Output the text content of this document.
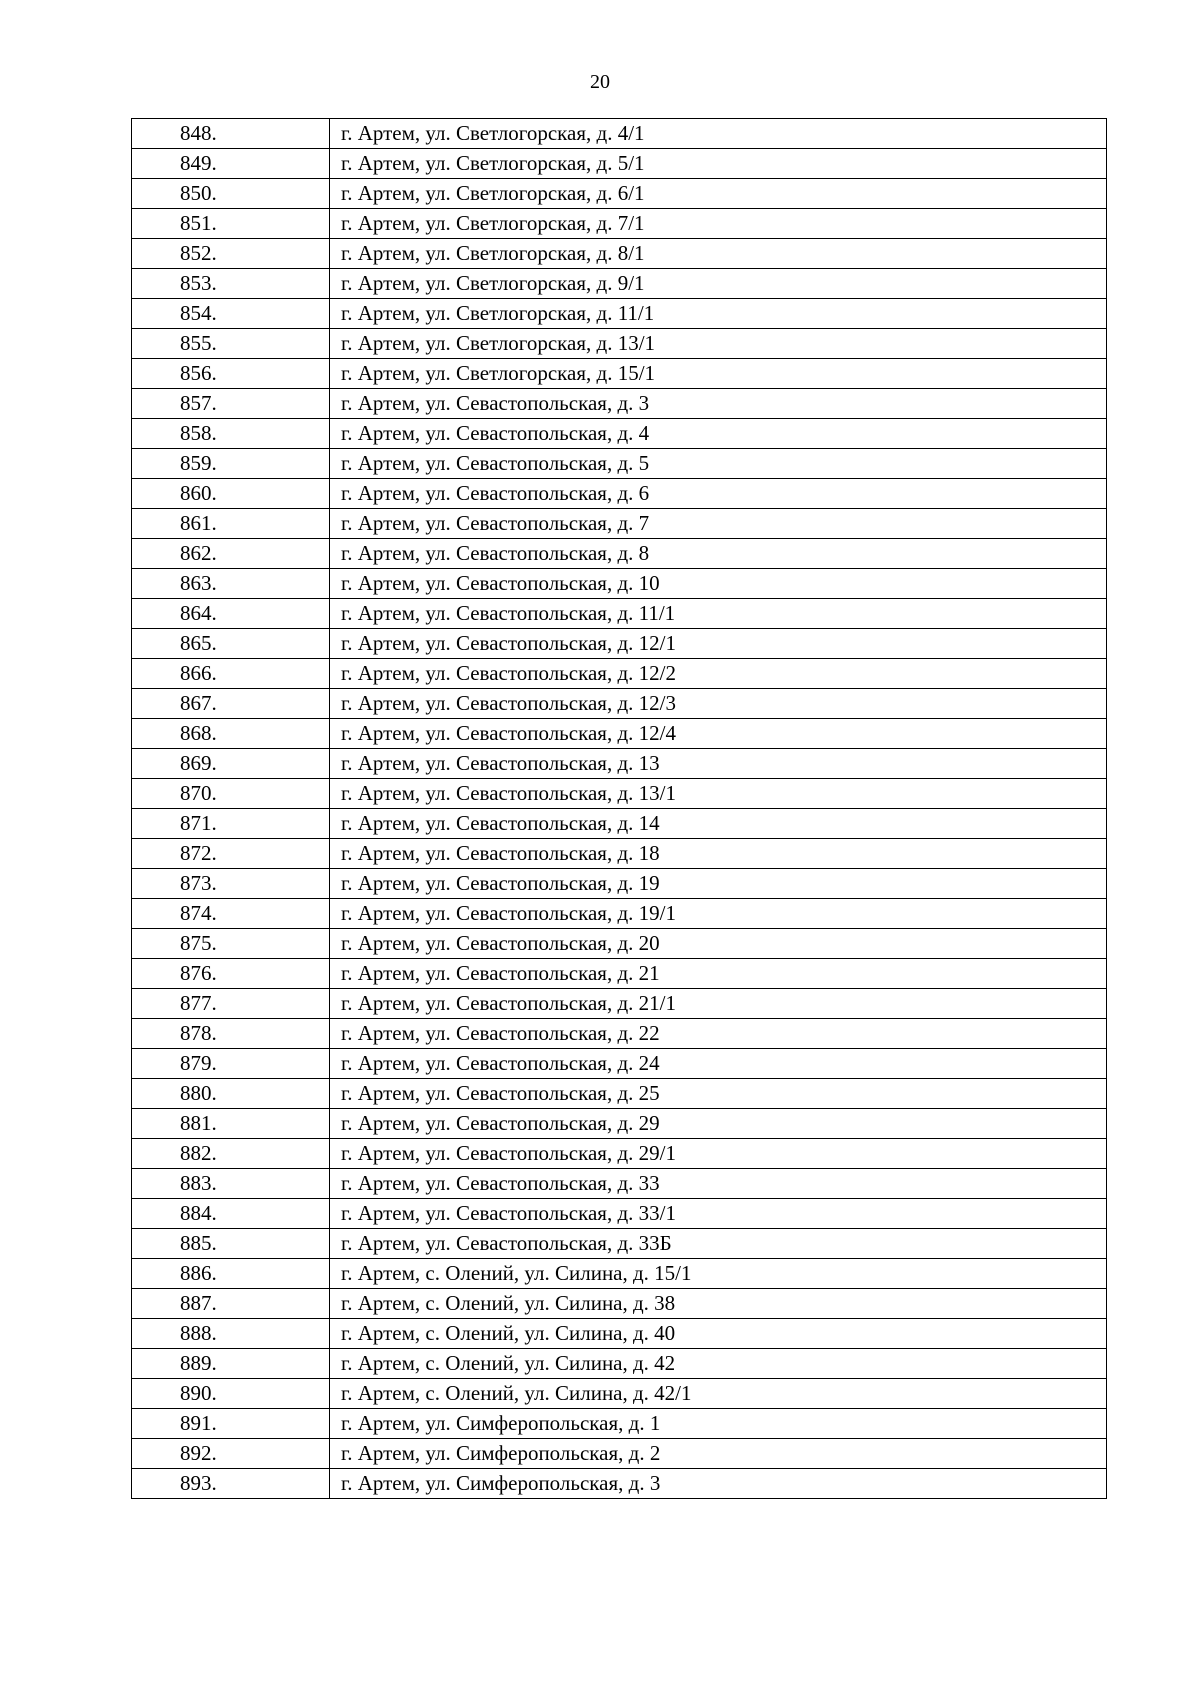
20
848.	г. Артем, ул. Светлогорская, д. 4/1
849.	г. Артем, ул. Светлогорская, д. 5/1
850.	г. Артем, ул. Светлогорская, д. 6/1
851.	г. Артем, ул. Светлогорская, д. 7/1
852.	г. Артем, ул. Светлогорская, д. 8/1
853.	г. Артем, ул. Светлогорская, д. 9/1
854.	г. Артем, ул. Светлогорская, д. 11/1
855.	г. Артем, ул. Светлогорская, д. 13/1
856.	г. Артем, ул. Светлогорская, д. 15/1
857.	г. Артем, ул. Севастопольская, д. 3
858.	г. Артем, ул. Севастопольская, д. 4
859.	г. Артем, ул. Севастопольская, д. 5
860.	г. Артем, ул. Севастопольская, д. 6
861.	г. Артем, ул. Севастопольская, д. 7
862.	г. Артем, ул. Севастопольская, д. 8
863.	г. Артем, ул. Севастопольская, д. 10
864.	г. Артем, ул. Севастопольская, д. 11/1
865.	г. Артем, ул. Севастопольская, д. 12/1
866.	г. Артем, ул. Севастопольская, д. 12/2
867.	г. Артем, ул. Севастопольская, д. 12/3
868.	г. Артем, ул. Севастопольская, д. 12/4
869.	г. Артем, ул. Севастопольская, д. 13
870.	г. Артем, ул. Севастопольская, д. 13/1
871.	г. Артем, ул. Севастопольская, д. 14
872.	г. Артем, ул. Севастопольская, д. 18
873.	г. Артем, ул. Севастопольская, д. 19
874.	г. Артем, ул. Севастопольская, д. 19/1
875.	г. Артем, ул. Севастопольская, д. 20
876.	г. Артем, ул. Севастопольская, д. 21
877.	г. Артем, ул. Севастопольская, д. 21/1
878.	г. Артем, ул. Севастопольская, д. 22
879.	г. Артем, ул. Севастопольская, д. 24
880.	г. Артем, ул. Севастопольская, д. 25
881.	г. Артем, ул. Севастопольская, д. 29
882.	г. Артем, ул. Севастопольская, д. 29/1
883.	г. Артем, ул. Севастопольская, д. 33
884.	г. Артем, ул. Севастопольская, д. 33/1
885.	г. Артем, ул. Севастопольская, д. 33Б
886.	г. Артем, с. Олений, ул. Силина, д. 15/1
887.	г. Артем, с. Олений, ул. Силина, д. 38
888.	г. Артем, с. Олений, ул. Силина, д. 40
889.	г. Артем, с. Олений, ул. Силина, д. 42
890.	г. Артем, с. Олений, ул. Силина, д. 42/1
891.	г. Артем, ул. Симферопольская, д. 1
892.	г. Артем, ул. Симферопольская, д. 2
893.	г. Артем, ул. Симферопольская, д. 3
